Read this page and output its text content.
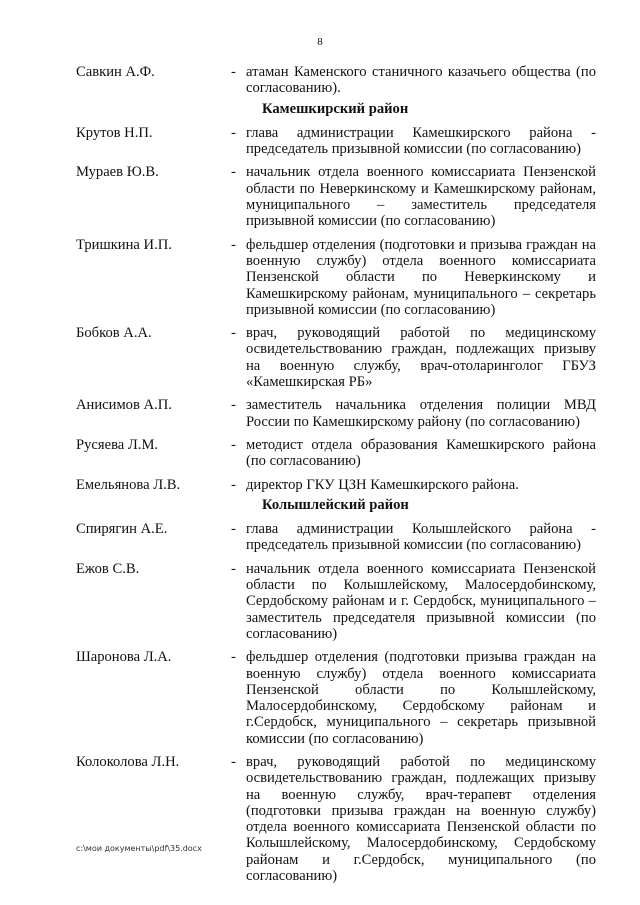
8
Савкин А.Ф.	- атаман Каменского станичного казачьего общества (по согласованию).
Камешкирский район
Крутов Н.П.	- глава администрации Камешкирского района - председатель призывной комиссии (по согласованию)
Мураев Ю.В.	- начальник отдела военного комиссариата Пензенской области по Неверкинскому и Камешкирскому районам, муниципального – заместитель председателя призывной комиссии (по согласованию)
Тришкина И.П.	- фельдшер отделения (подготовки и призыва граждан на военную службу) отдела военного комиссариата Пензенской области по Неверкинскому и Камешкирскому районам, муниципального – секретарь призывной комиссии (по согласованию)
Бобков А.А.	- врач, руководящий работой по медицинскому освидетельствованию граждан, подлежащих призыву на военную службу, врач-отоларинголог ГБУЗ «Камешкирская РБ»
Анисимов А.П.	- заместитель начальника отделения полиции МВД России по Камешкирскому району (по согласованию)
Русяева Л.М.	- методист отдела образования Камешкирского района (по согласованию)
Емельянова Л.В.	- директор ГКУ ЦЗН Камешкирского района.
Колышлейский район
Спирягин А.Е.	- глава администрации Колышлейского района - председатель призывной комиссии (по согласованию)
Ежов С.В.	- начальник отдела военного комиссариата Пензенской области по Колышлейскому, Малосердобинскому, Сердобскому районам и г. Сердобск, муниципального – заместитель председателя призывной комиссии (по согласованию)
Шаронова Л.А.	- фельдшер отделения (подготовки призыва граждан на военную службу) отдела военного комиссариата Пензенской области по Колышлейскому, Малосердобинскому, Сердобскому районам и г.Сердобск, муниципального – секретарь призывной комиссии (по согласованию)
Колоколова Л.Н.	- врач, руководящий работой по медицинскому освидетельствованию граждан, подлежащих призыву на военную службу, врач-терапевт отделения (подготовки призыва граждан на военную службу) отдела военного комиссариата Пензенской области по Колышлейскому, Малосердобинскому, Сердобскому районам и г.Сердобск, муниципального (по согласованию)
c:\мои документы\pdf\35.docx
